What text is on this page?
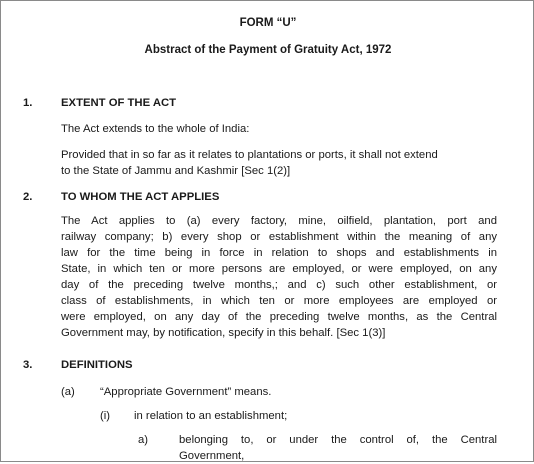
FORM “U”
Abstract of the Payment of Gratuity Act, 1972
1.	EXTENT OF THE ACT
The Act extends to the whole of India:
Provided that in so far as it relates to plantations or ports, it shall not extend
to the State of Jammu and Kashmir [Sec 1(2)]
2.	TO WHOM THE ACT APPLIES
The Act applies to (a) every factory, mine, oilfield, plantation, port and
railway company; b) every shop or establishment within the meaning of any
law for the time being in force in relation to shops and establishments in
State, in which ten or more persons are employed, or were employed, on any
day of the preceding twelve months,; and c) such other establishment, or
class of establishments, in which ten or more employees are employed or
were employed, on any day of the preceding twelve months, as the Central
Government may, by notification, specify in this behalf. [Sec 1(3)]
3.	DEFINITIONS
(a) “Appropriate Government” means.
(i) in relation to an establishment;
a)	belonging to, or under the control of, the Central
Government,
